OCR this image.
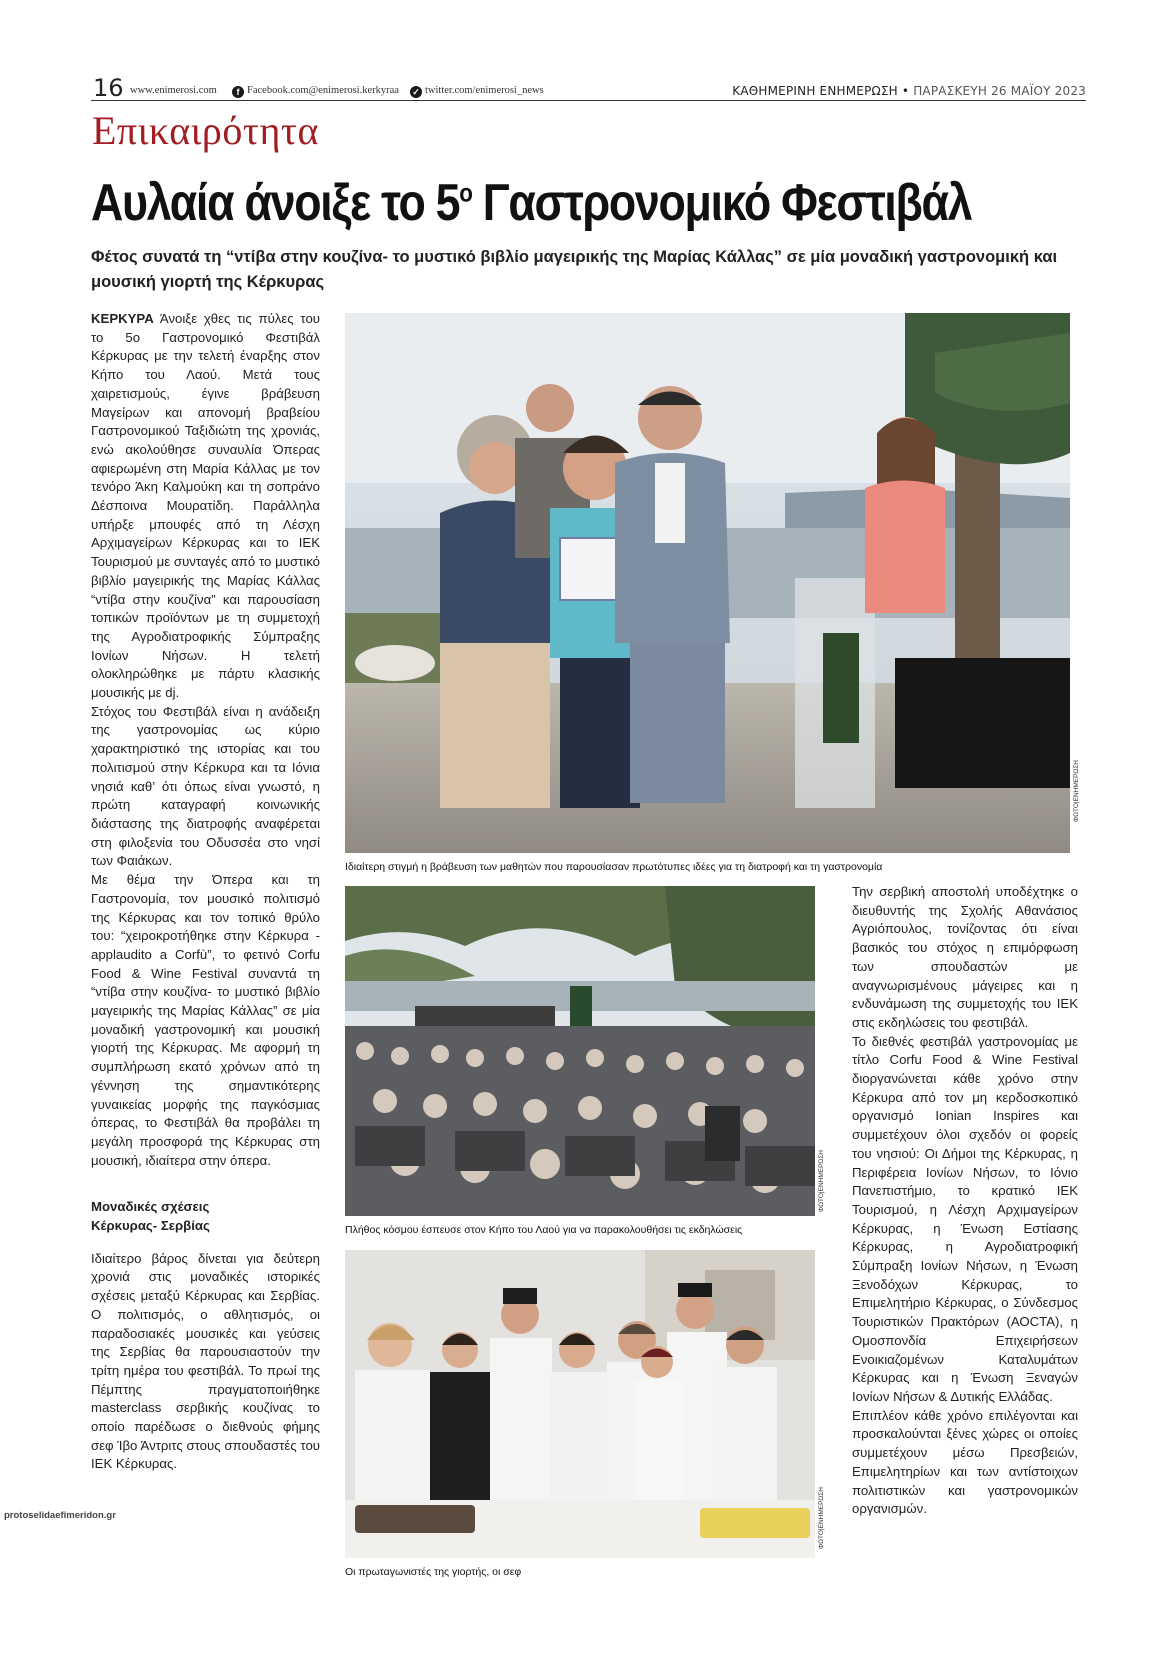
16 www.enimerosi.com	f Facebook.com@enimerosi.kerkyraa ✓ twitter.com/enimerosi_news	ΚΑΘΗΜΕΡΙΝΗ ΕΝΗΜΕΡΩΣΗ • ΠΑΡΑΣΚΕΥΗ 26 ΜΑΪΟΥ 2023
Επικαιρότητα
Αυλαία άνοιξε το $5^o$ Γαστρονομικό Φεστιβάλ
Φέτος συνατά τη “ντίβα στην κουζίνα- το μυστικό βιβλίο μαγειρικής της Μαρίας Κάλλας” σε μία μοναδική γαστρονομική και μουσική γιορτή της Κέρκυρας

ΚΕΡΚΥΡΑ Άνοιξε χθες τις πύλες του το 5ο Γαστρονομικό Φεστιβάλ Κέρκυρας με την τελετή έναρξης στον Κήπο του Λαού. Μετά τους χαιρετισμούς, έγινε βράβευση Μαγείρων και απονομή βραβείου Γαστρονομικού Ταξιδιώτη της χρονιάς, ενώ ακολούθησε συναυλία Όπερας αφιερωμένη στη Μαρία Κάλλας με τον τενόρο Άκη Καλμούκη και τη σοπράνο Δέσποινα Μουρατίδη. Παράλληλα υπήρξε μπουφές από τη Λέσχη Αρχιμαγείρων Κέρκυρας και το ΙΕΚ Τουρισμού με συνταγές από το μυστικό βιβλίο μαγειρικής της Μαρίας Κάλλας “ντίβα στην κουζίνα” και παρουσίαση τοπικών προϊόντων με τη συμμετοχή της Αγροδιατροφικής Σύμπραξης Ιονίων Νήσων. Η τελετή ολοκληρώθηκε με πάρτυ κλασικής μουσικής με dj.

Στόχος του Φεστιβάλ είναι η ανάδειξη της γαστρονομίας ως κύριο χαρακτηριστικό της ιστορίας και του πολιτισμού στην Κέρκυρα και τα Ιόνια νησιά καθ’ ότι όπως είναι γνωστό, η πρώτη καταγραφή κοινωνικής διάστασης της διατροφής αναφέρεται στη φιλοξενία του Οδυσσέα στο νησί των Φαιάκων.

Με θέμα την Όπερα και τη Γαστρονομία, τον μουσικό πολιτισμό της Κέρκυρας και τον τοπικό θρύλο του: “χειροκροτήθηκε στην Κέρκυρα - applaudito a Corfù”, το φετινό Corfu Food & Wine Festival συναντά τη “ντίβα στην κουζίνα- το μυστικό βιβλίο μαγειρικής της Μαρίας Κάλλας” σε μία μοναδική γαστρονομική και μουσική γιορτή της Κέρκυρας. Με αφορμή τη συμπλήρωση εκατό χρόνων από τη γέννηση της σημαντικότερης γυναικείας μορφής της παγκόσμιας όπερας, το Φεστιβάλ θα προβάλει τη μεγάλη προσφορά της Κέρκυρας στη μουσική, ιδιαίτερα στην όπερα.

Μοναδικές σχέσεις
Κέρκυρας- Σερβίας

Ιδιαίτερο βάρος δίνεται για δεύτερη χρονιά στις μοναδικές ιστορικές σχέσεις μεταξύ Κέρκυρας και Σερβίας. Ο πολιτισμός, ο αθλητισμός, οι παραδοσιακές μουσικές και γεύσεις της Σερβίας θα παρουσιαστούν την τρίτη ημέρα του φεστιβάλ. Το πρωί της Πέμπτης πραγματοποιήθηκε masterclass σερβικής κουζίνας το οποίο παρέδωσε ο διεθνούς φήμης σεφ Ίβο Άντριτς στους σπουδαστές του ΙΕΚ Κέρκυρας.

ΦΩΤΟ|ΕΝΗΜΕΡΩΣΗ
Ιδιαίτερη στιγμή η βράβευση των μαθητών που παρουσίασαν πρωτότυπες ιδέες για τη διατροφή και τη γαστρονομία
ΦΩΤΟ|ΕΝΗΜΕΡΩΣΗ
Πλήθος κόσμου έσπευσε στον Κήπο του Λαού για να παρακολουθήσει τις εκδηλώσεις
ΦΩΤΟ|ΕΝΗΜΕΡΩΣΗ
Οι πρωταγωνιστές της γιορτής, οι σεφ

Την σερβική αποστολή υποδέχτηκε ο διευθυντής της Σχολής Αθανάσιος Αγριόπουλος, τονίζοντας ότι είναι βασικός του στόχος η επιμόρφωση των σπουδαστών με αναγνωρισμένους μάγειρες και η ενδυνάμωση της συμμετοχής του ΙΕΚ στις εκδηλώσεις του φεστιβάλ.

Το διεθνές φεστιβάλ γαστρονομίας με τίτλο Corfu Food & Wine Festival διοργανώνεται κάθε χρόνο στην Κέρκυρα από τον μη κερδοσκοπικό οργανισμό Ionian Inspires και συμμετέχουν όλοι σχεδόν οι φορείς του νησιού: Οι Δήμοι της Κέρκυρας, η Περιφέρεια Ιονίων Νήσων, το Ιόνιο Πανεπιστήμιο, το κρατικό ΙΕΚ Τουρισμού, η Λέσχη Αρχιμαγείρων Κέρκυρας, η Ένωση Εστίασης Κέρκυρας, η Αγροδιατροφική Σύμπραξη Ιονίων Νήσων, η Ένωση Ξενοδόχων Κέρκυρας, το Επιμελητήριο Κέρκυρας, ο Σύνδεσμος Τουριστικών Πρακτόρων (ΑΟCTA), η Ομοσπονδία Επιχειρήσεων Ενοικιαζομένων Καταλυμάτων Κέρκυρας και η Ένωση Ξεναγών Ιονίων Νήσων & Δυτικής Ελλάδας.

Επιπλέον κάθε χρόνο επιλέγονται και προσκαλούνται ξένες χώρες οι οποίες συμμετέχουν μέσω Πρεσβειών, Επιμελητηρίων και των αντίστοιχων πολιτιστικών και γαστρονομικών οργανισμών.

protoselidaefimeridon.gr
